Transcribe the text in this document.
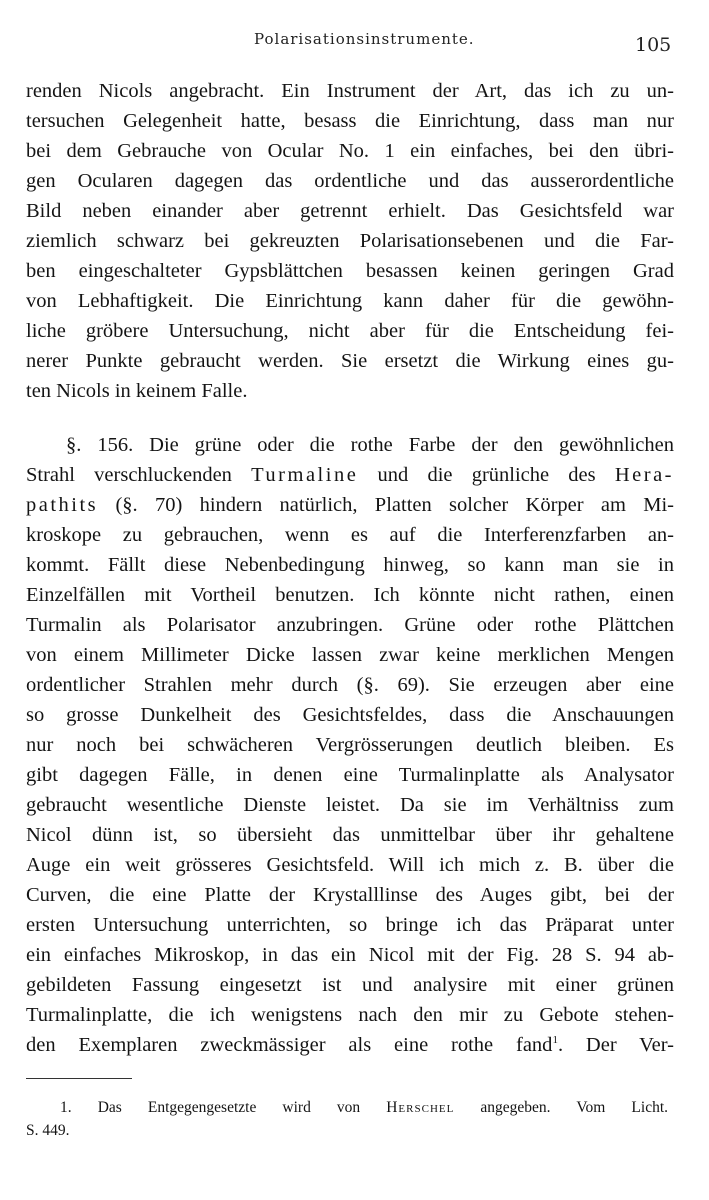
Polarisationsinstrumente.	105
renden Nicols angebracht. Ein Instrument der Art, das ich zu un-
tersuchen Gelegenheit hatte, besass die Einrichtung, dass man nur
bei dem Gebrauche von Ocular No. 1 ein einfaches, bei den übri-
gen Ocularen dagegen das ordentliche und das ausserordentliche
Bild neben einander aber getrennt erhielt. Das Gesichtsfeld war
ziemlich schwarz bei gekreuzten Polarisationsebenen und die Far-
ben eingeschalteter Gypsblättchen besassen keinen geringen Grad
von Lebhaftigkeit. Die Einrichtung kann daher für die gewöhn-
liche gröbere Untersuchung, nicht aber für die Entscheidung fei-
nerer Punkte gebraucht werden. Sie ersetzt die Wirkung eines gu-
ten Nicols in keinem Falle.
§. 156. Die grüne oder die rothe Farbe der den gewöhnlichen
Strahl verschluckenden Turmaline und die grünliche des Hera-
pathits (§. 70) hindern natürlich, Platten solcher Körper am Mi-
kroskope zu gebrauchen, wenn es auf die Interferenzfarben an-
kommt. Fällt diese Nebenbedingung hinweg, so kann man sie in
Einzelfällen mit Vortheil benutzen. Ich könnte nicht rathen, einen
Turmalin als Polarisator anzubringen. Grüne oder rothe Plättchen
von einem Millimeter Dicke lassen zwar keine merklichen Mengen
ordentlicher Strahlen mehr durch (§. 69). Sie erzeugen aber eine
so grosse Dunkelheit des Gesichtsfeldes, dass die Anschauungen
nur noch bei schwächeren Vergrösserungen deutlich bleiben. Es
gibt dagegen Fälle, in denen eine Turmalinplatte als Analysator
gebraucht wesentliche Dienste leistet. Da sie im Verhältniss zum
Nicol dünn ist, so übersieht das unmittelbar über ihr gehaltene
Auge ein weit grösseres Gesichtsfeld. Will ich mich z. B. über die
Curven, die eine Platte der Krystalllinse des Auges gibt, bei der
ersten Untersuchung unterrichten, so bringe ich das Präparat unter
ein einfaches Mikroskop, in das ein Nicol mit der Fig. 28 S. 94 ab-
gebildeten Fassung eingesetzt ist und analysire mit einer grünen
Turmalinplatte, die ich wenigstens nach den mir zu Gebote stehen-
den Exemplaren zweckmässiger als eine rothe fand$^1$. Der Ver-
1. Das Entgegengesetzte wird von Herschel angegeben. Vom Licht.
S. 449.
